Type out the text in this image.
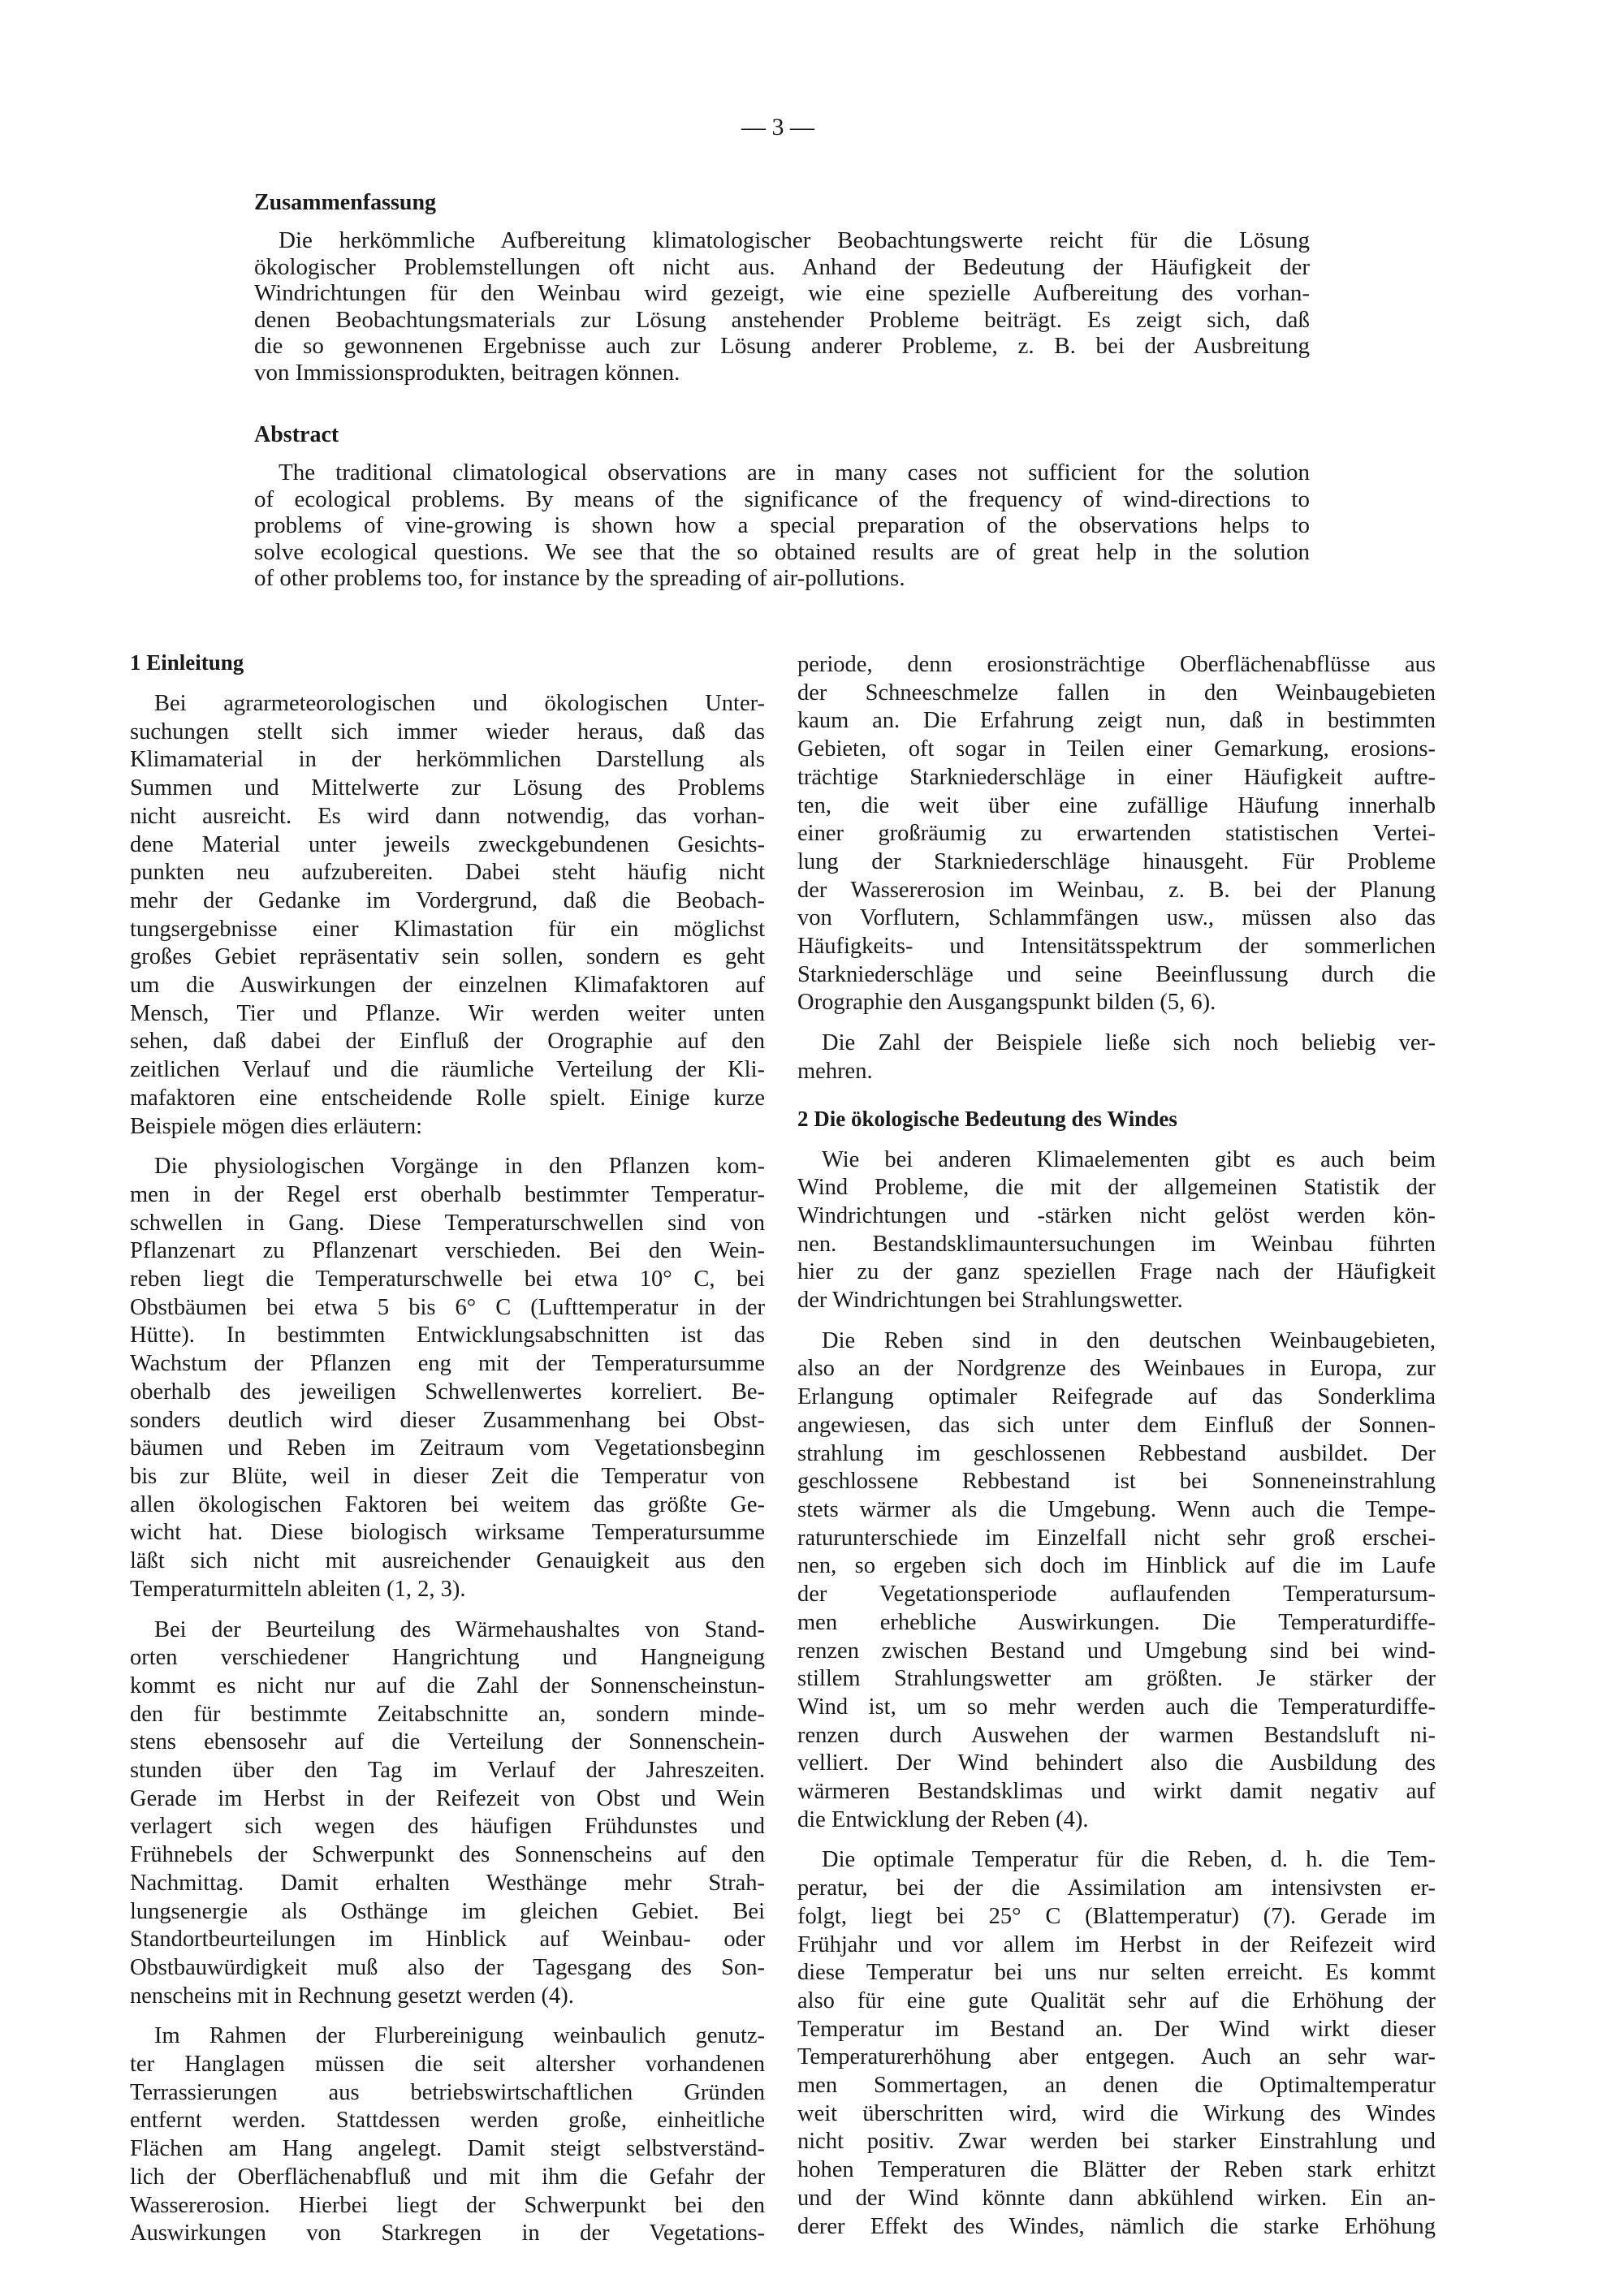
— 3 —
Zusammenfassung
Die herkömmliche Aufbereitung klimatologischer Beobachtungswerte reicht für die Lösung
ökologischer Problemstellungen oft nicht aus. Anhand der Bedeutung der Häufigkeit der
Windrichtungen für den Weinbau wird gezeigt, wie eine spezielle Aufbereitung des vorhan-
denen Beobachtungsmaterials zur Lösung anstehender Probleme beiträgt. Es zeigt sich, daß
die so gewonnenen Ergebnisse auch zur Lösung anderer Probleme, z. B. bei der Ausbreitung
von Immissionsprodukten, beitragen können.
Abstract
The traditional climatological observations are in many cases not sufficient for the solution
of ecological problems. By means of the significance of the frequency of wind-directions to
problems of vine-growing is shown how a special preparation of the observations helps to
solve ecological questions. We see that the so obtained results are of great help in the solution
of other problems too, for instance by the spreading of air-pollutions.
1 Einleitung
Bei agrarmeteorologischen und ökologischen Unter-
suchungen stellt sich immer wieder heraus, daß das
Klimamaterial in der herkömmlichen Darstellung als
Summen und Mittelwerte zur Lösung des Problems
nicht ausreicht. Es wird dann notwendig, das vorhan-
dene Material unter jeweils zweckgebundenen Gesichts-
punkten neu aufzubereiten. Dabei steht häufig nicht
mehr der Gedanke im Vordergrund, daß die Beobach-
tungsergebnisse einer Klimastation für ein möglichst
großes Gebiet repräsentativ sein sollen, sondern es geht
um die Auswirkungen der einzelnen Klimafaktoren auf
Mensch, Tier und Pflanze. Wir werden weiter unten
sehen, daß dabei der Einfluß der Orographie auf den
zeitlichen Verlauf und die räumliche Verteilung der Kli-
mafaktoren eine entscheidende Rolle spielt. Einige kurze
Beispiele mögen dies erläutern:
Die physiologischen Vorgänge in den Pflanzen kom-
men in der Regel erst oberhalb bestimmter Temperatur-
schwellen in Gang. Diese Temperaturschwellen sind von
Pflanzenart zu Pflanzenart verschieden. Bei den Wein-
reben liegt die Temperaturschwelle bei etwa 10° C, bei
Obstbäumen bei etwa 5 bis 6° C (Lufttemperatur in der
Hütte). In bestimmten Entwicklungsabschnitten ist das
Wachstum der Pflanzen eng mit der Temperatursumme
oberhalb des jeweiligen Schwellenwertes korreliert. Be-
sonders deutlich wird dieser Zusammenhang bei Obst-
bäumen und Reben im Zeitraum vom Vegetationsbeginn
bis zur Blüte, weil in dieser Zeit die Temperatur von
allen ökologischen Faktoren bei weitem das größte Ge-
wicht hat. Diese biologisch wirksame Temperatursumme
läßt sich nicht mit ausreichender Genauigkeit aus den
Temperaturmitteln ableiten (1, 2, 3).
Bei der Beurteilung des Wärmehaushaltes von Stand-
orten verschiedener Hangrichtung und Hangneigung
kommt es nicht nur auf die Zahl der Sonnenscheinstun-
den für bestimmte Zeitabschnitte an, sondern minde-
stens ebensosehr auf die Verteilung der Sonnenschein-
stunden über den Tag im Verlauf der Jahreszeiten.
Gerade im Herbst in der Reifezeit von Obst und Wein
verlagert sich wegen des häufigen Frühdunstes und
Frühnebels der Schwerpunkt des Sonnenscheins auf den
Nachmittag. Damit erhalten Westhänge mehr Strah-
lungsenergie als Osthänge im gleichen Gebiet. Bei
Standortbeurteilungen im Hinblick auf Weinbau- oder
Obstbauwürdigkeit muß also der Tagesgang des Son-
nenscheins mit in Rechnung gesetzt werden (4).
Im Rahmen der Flurbereinigung weinbaulich genutz-
ter Hanglagen müssen die seit altersher vorhandenen
Terrassierungen aus betriebswirtschaftlichen Gründen
entfernt werden. Stattdessen werden große, einheitliche
Flächen am Hang angelegt. Damit steigt selbstverständ-
lich der Oberflächenabfluß und mit ihm die Gefahr der
Wassererosion. Hierbei liegt der Schwerpunkt bei den
Auswirkungen von Starkregen in der Vegetations-
periode, denn erosionsträchtige Oberflächenabflüsse aus
der Schneeschmelze fallen in den Weinbaugebieten
kaum an. Die Erfahrung zeigt nun, daß in bestimmten
Gebieten, oft sogar in Teilen einer Gemarkung, erosions-
trächtige Starkniederschläge in einer Häufigkeit auftre-
ten, die weit über eine zufällige Häufung innerhalb
einer großräumig zu erwartenden statistischen Vertei-
lung der Starkniederschläge hinausgeht. Für Probleme
der Wassererosion im Weinbau, z. B. bei der Planung
von Vorflutern, Schlammfängen usw., müssen also das
Häufigkeits- und Intensitätsspektrum der sommerlichen
Starkniederschläge und seine Beeinflussung durch die
Orographie den Ausgangspunkt bilden (5, 6).
Die Zahl der Beispiele ließe sich noch beliebig ver-
mehren.
2 Die ökologische Bedeutung des Windes
Wie bei anderen Klimaelementen gibt es auch beim
Wind Probleme, die mit der allgemeinen Statistik der
Windrichtungen und -stärken nicht gelöst werden kön-
nen. Bestandsklimauntersuchungen im Weinbau führten
hier zu der ganz speziellen Frage nach der Häufigkeit
der Windrichtungen bei Strahlungswetter.
Die Reben sind in den deutschen Weinbaugebieten,
also an der Nordgrenze des Weinbaues in Europa, zur
Erlangung optimaler Reifegrade auf das Sonderklima
angewiesen, das sich unter dem Einfluß der Sonnen-
strahlung im geschlossenen Rebbestand ausbildet. Der
geschlossene Rebbestand ist bei Sonneneinstrahlung
stets wärmer als die Umgebung. Wenn auch die Tempe-
raturunterschiede im Einzelfall nicht sehr groß erschei-
nen, so ergeben sich doch im Hinblick auf die im Laufe
der Vegetationsperiode auflaufenden Temperatursum-
men erhebliche Auswirkungen. Die Temperaturdiffe-
renzen zwischen Bestand und Umgebung sind bei wind-
stillem Strahlungswetter am größten. Je stärker der
Wind ist, um so mehr werden auch die Temperaturdiffe-
renzen durch Auswehen der warmen Bestandsluft ni-
velliert. Der Wind behindert also die Ausbildung des
wärmeren Bestandsklimas und wirkt damit negativ auf
die Entwicklung der Reben (4).
Die optimale Temperatur für die Reben, d. h. die Tem-
peratur, bei der die Assimilation am intensivsten er-
folgt, liegt bei 25° C (Blattemperatur) (7). Gerade im
Frühjahr und vor allem im Herbst in der Reifezeit wird
diese Temperatur bei uns nur selten erreicht. Es kommt
also für eine gute Qualität sehr auf die Erhöhung der
Temperatur im Bestand an. Der Wind wirkt dieser
Temperaturerhöhung aber entgegen. Auch an sehr war-
men Sommertagen, an denen die Optimaltemperatur
weit überschritten wird, wird die Wirkung des Windes
nicht positiv. Zwar werden bei starker Einstrahlung und
hohen Temperaturen die Blätter der Reben stark erhitzt
und der Wind könnte dann abkühlend wirken. Ein an-
derer Effekt des Windes, nämlich die starke Erhöhung
